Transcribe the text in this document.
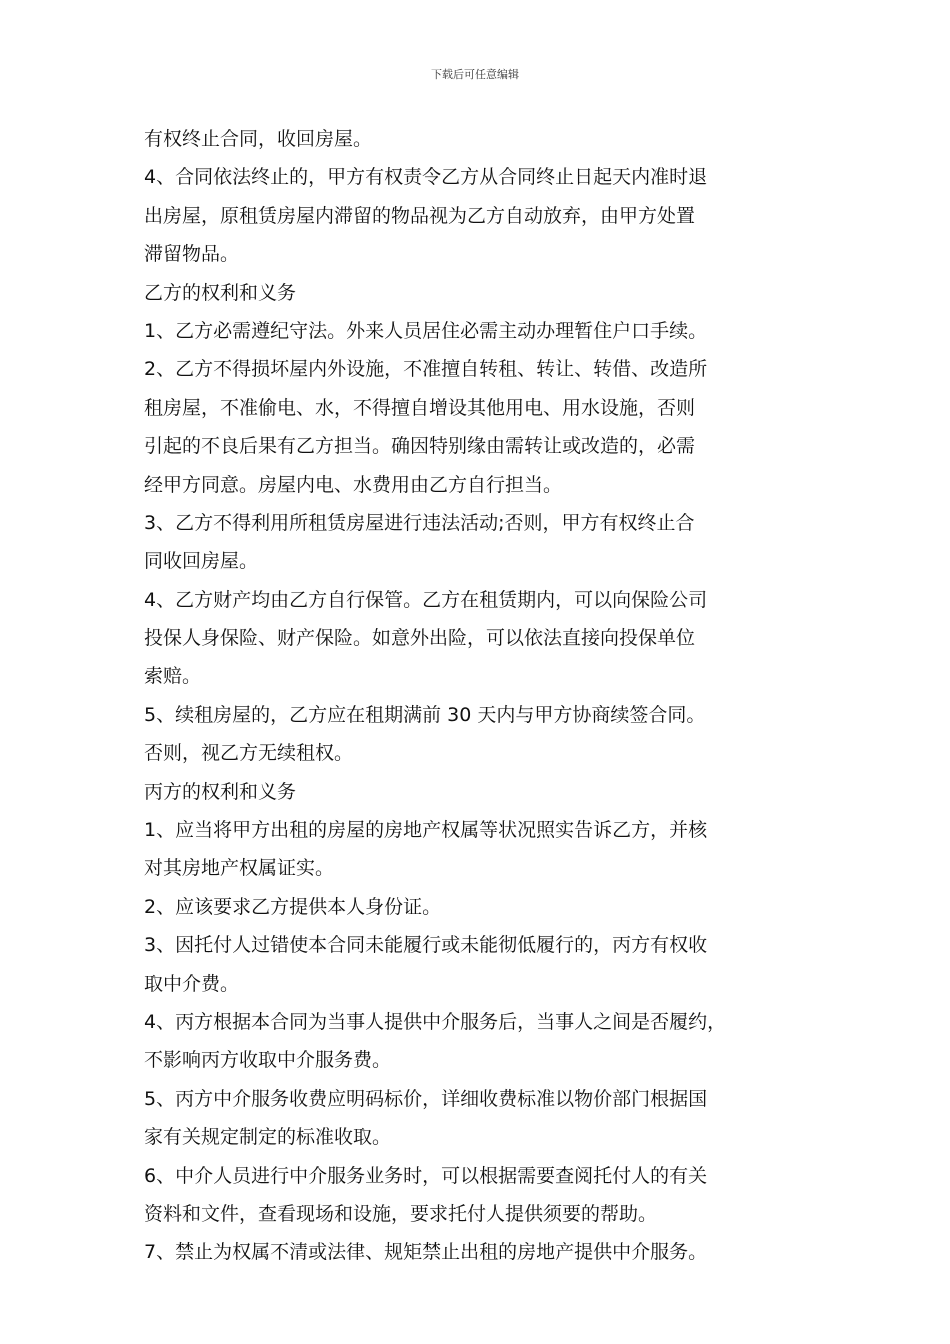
下载后可任意编辑
有权终止合同，收回房屋。
4、合同依法终止的，甲方有权责令乙方从合同终止日起天内准时退
出房屋，原租赁房屋内滞留的物品视为乙方自动放弃，由甲方处置
滞留物品。
乙方的权利和义务
1、乙方必需遵纪守法。外来人员居住必需主动办理暂住户口手续。
2、乙方不得损坏屋内外设施，不准擅自转租、转让、转借、改造所
租房屋，不准偷电、水，不得擅自增设其他用电、用水设施，否则
引起的不良后果有乙方担当。确因特别缘由需转让或改造的，必需
经甲方同意。房屋内电、水费用由乙方自行担当。
3、乙方不得利用所租赁房屋进行违法活动;否则，甲方有权终止合
同收回房屋。
4、乙方财产均由乙方自行保管。乙方在租赁期内，可以向保险公司
投保人身保险、财产保险。如意外出险，可以依法直接向投保单位
索赔。
5、续租房屋的，乙方应在租期满前 30 天内与甲方协商续签合同。
否则，视乙方无续租权。
丙方的权利和义务
1、应当将甲方出租的房屋的房地产权属等状况照实告诉乙方，并核
对其房地产权属证实。
2、应该要求乙方提供本人身份证。
3、因托付人过错使本合同未能履行或未能彻低履行的，丙方有权收
取中介费。
4、丙方根据本合同为当事人提供中介服务后，当事人之间是否履约，
不影响丙方收取中介服务费。
5、丙方中介服务收费应明码标价，详细收费标准以物价部门根据国
家有关规定制定的标准收取。
6、中介人员进行中介服务业务时，可以根据需要查阅托付人的有关
资料和文件，查看现场和设施，要求托付人提供须要的帮助。
7、禁止为权属不清或法律、规矩禁止出租的房地产提供中介服务。
